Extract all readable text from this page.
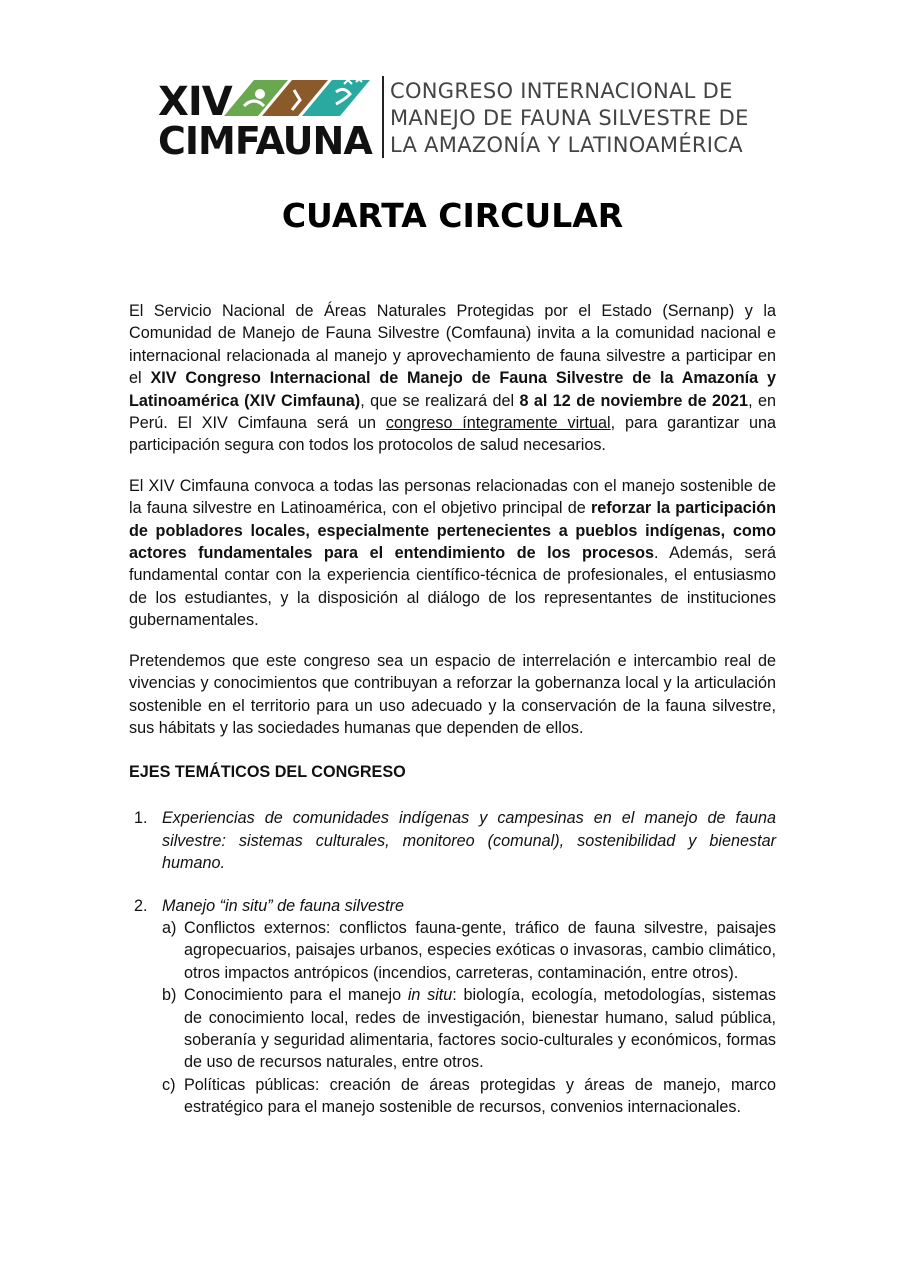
XIV
CIMFAUNA
CONGRESO INTERNACIONAL DE
MANEJO DE FAUNA SILVESTRE DE
LA AMAZONÍA Y LATINOAMÉRICA
CUARTA CIRCULAR

El Servicio Nacional de Áreas Naturales Protegidas por el Estado (Sernanp) y la Comunidad de Manejo de Fauna Silvestre (Comfauna) invita a la comunidad nacional e internacional relacionada al manejo y aprovechamiento de fauna silvestre a participar en el XIV Congreso Internacional de Manejo de Fauna Silvestre de la Amazonía y Latinoamérica (XIV Cimfauna), que se realizará del 8 al 12 de noviembre de 2021, en Perú. El XIV Cimfauna será un congreso íntegramente virtual, para garantizar una participación segura con todos los protocolos de salud necesarios.

El XIV Cimfauna convoca a todas las personas relacionadas con el manejo sostenible de la fauna silvestre en Latinoamérica, con el objetivo principal de reforzar la participación de pobladores locales, especialmente pertenecientes a pueblos indígenas, como actores fundamentales para el entendimiento de los procesos. Además, será fundamental contar con la experiencia científico-técnica de profesionales, el entusiasmo de los estudiantes, y la disposición al diálogo de los representantes de instituciones gubernamentales.

Pretendemos que este congreso sea un espacio de interrelación e intercambio real de vivencias y conocimientos que contribuyan a reforzar la gobernanza local y la articulación sostenible en el territorio para un uso adecuado y la conservación de la fauna silvestre, sus hábitats y las sociedades humanas que dependen de ellos.

EJES TEMÁTICOS DEL CONGRESO
1. Experiencias de comunidades indígenas y campesinas en el manejo de fauna silvestre: sistemas culturales, monitoreo (comunal), sostenibilidad y bienestar humano.

2. Manejo “in situ” de fauna silvestre

a) Conflictos externos: conflictos fauna-gente, tráfico de fauna silvestre, paisajes agropecuarios, paisajes urbanos, especies exóticas o invasoras, cambio climático, otros impactos antrópicos (incendios, carreteras, contaminación, entre otros).
b) Conocimiento para el manejo in situ: biología, ecología, metodologías, sistemas de conocimiento local, redes de investigación, bienestar humano, salud pública, soberanía y seguridad alimentaria, factores socio-culturales y económicos, formas de uso de recursos naturales, entre otros.
c) Políticas públicas: creación de áreas protegidas y áreas de manejo, marco estratégico para el manejo sostenible de recursos, convenios internacionales.
